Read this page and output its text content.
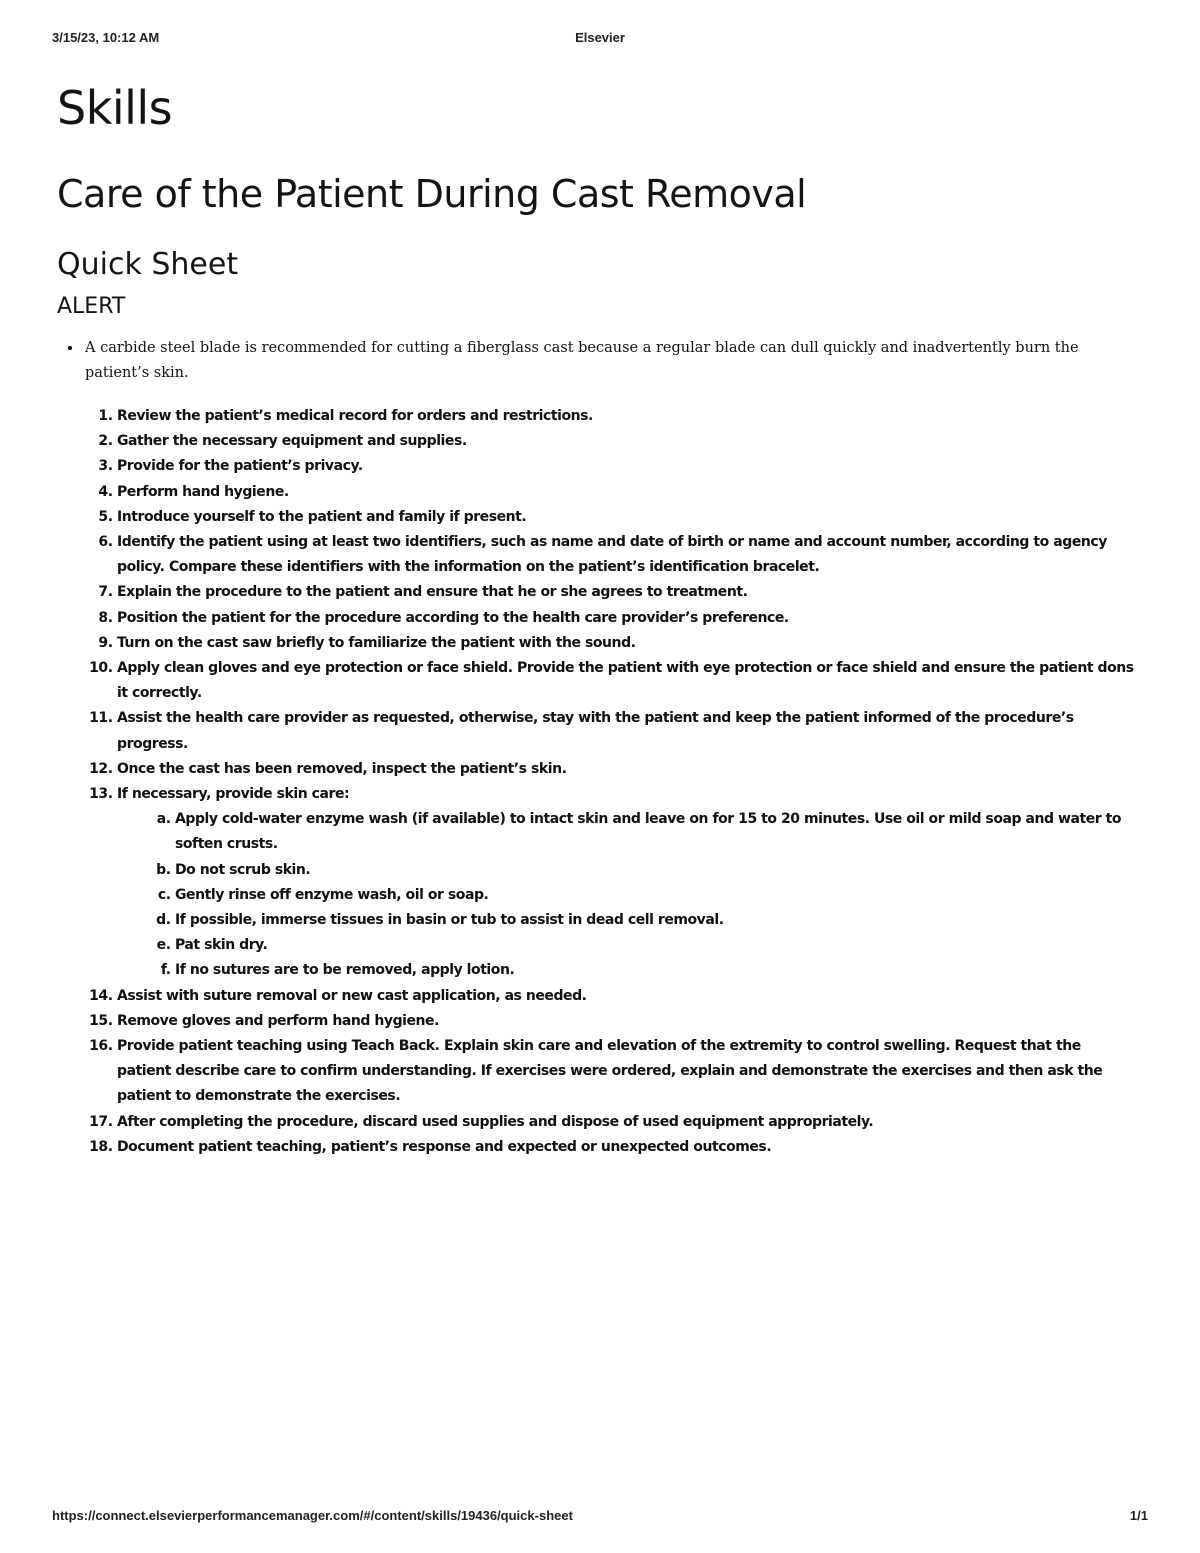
3/15/23, 10:12 AM	Elsevier
Skills
Care of the Patient During Cast Removal
Quick Sheet
ALERT
• A carbide steel blade is recommended for cutting a fiberglass cast because a regular blade can dull quickly and inadvertently burn the patient’s skin.
1. Review the patient’s medical record for orders and restrictions.
2. Gather the necessary equipment and supplies.
3. Provide for the patient’s privacy.
4. Perform hand hygiene.
5. Introduce yourself to the patient and family if present.
6. Identify the patient using at least two identifiers, such as name and date of birth or name and account number, according to agency policy. Compare these identifiers with the information on the patient’s identification bracelet.
7. Explain the procedure to the patient and ensure that he or she agrees to treatment.
8. Position the patient for the procedure according to the health care provider’s preference.
9. Turn on the cast saw briefly to familiarize the patient with the sound.
10. Apply clean gloves and eye protection or face shield. Provide the patient with eye protection or face shield and ensure the patient dons it correctly.
11. Assist the health care provider as requested, otherwise, stay with the patient and keep the patient informed of the procedure’s progress.
12. Once the cast has been removed, inspect the patient’s skin.
13. If necessary, provide skin care:
a. Apply cold-water enzyme wash (if available) to intact skin and leave on for 15 to 20 minutes. Use oil or mild soap and water to soften crusts.
b. Do not scrub skin.
c. Gently rinse off enzyme wash, oil or soap.
d. If possible, immerse tissues in basin or tub to assist in dead cell removal.
e. Pat skin dry.
f. If no sutures are to be removed, apply lotion.
14. Assist with suture removal or new cast application, as needed.
15. Remove gloves and perform hand hygiene.
16. Provide patient teaching using Teach Back. Explain skin care and elevation of the extremity to control swelling. Request that the patient describe care to confirm understanding. If exercises were ordered, explain and demonstrate the exercises and then ask the patient to demonstrate the exercises.
17. After completing the procedure, discard used supplies and dispose of used equipment appropriately.
18. Document patient teaching, patient’s response and expected or unexpected outcomes.
https://connect.elsevierperformancemanager.com/#/content/skills/19436/quick-sheet	1/1
